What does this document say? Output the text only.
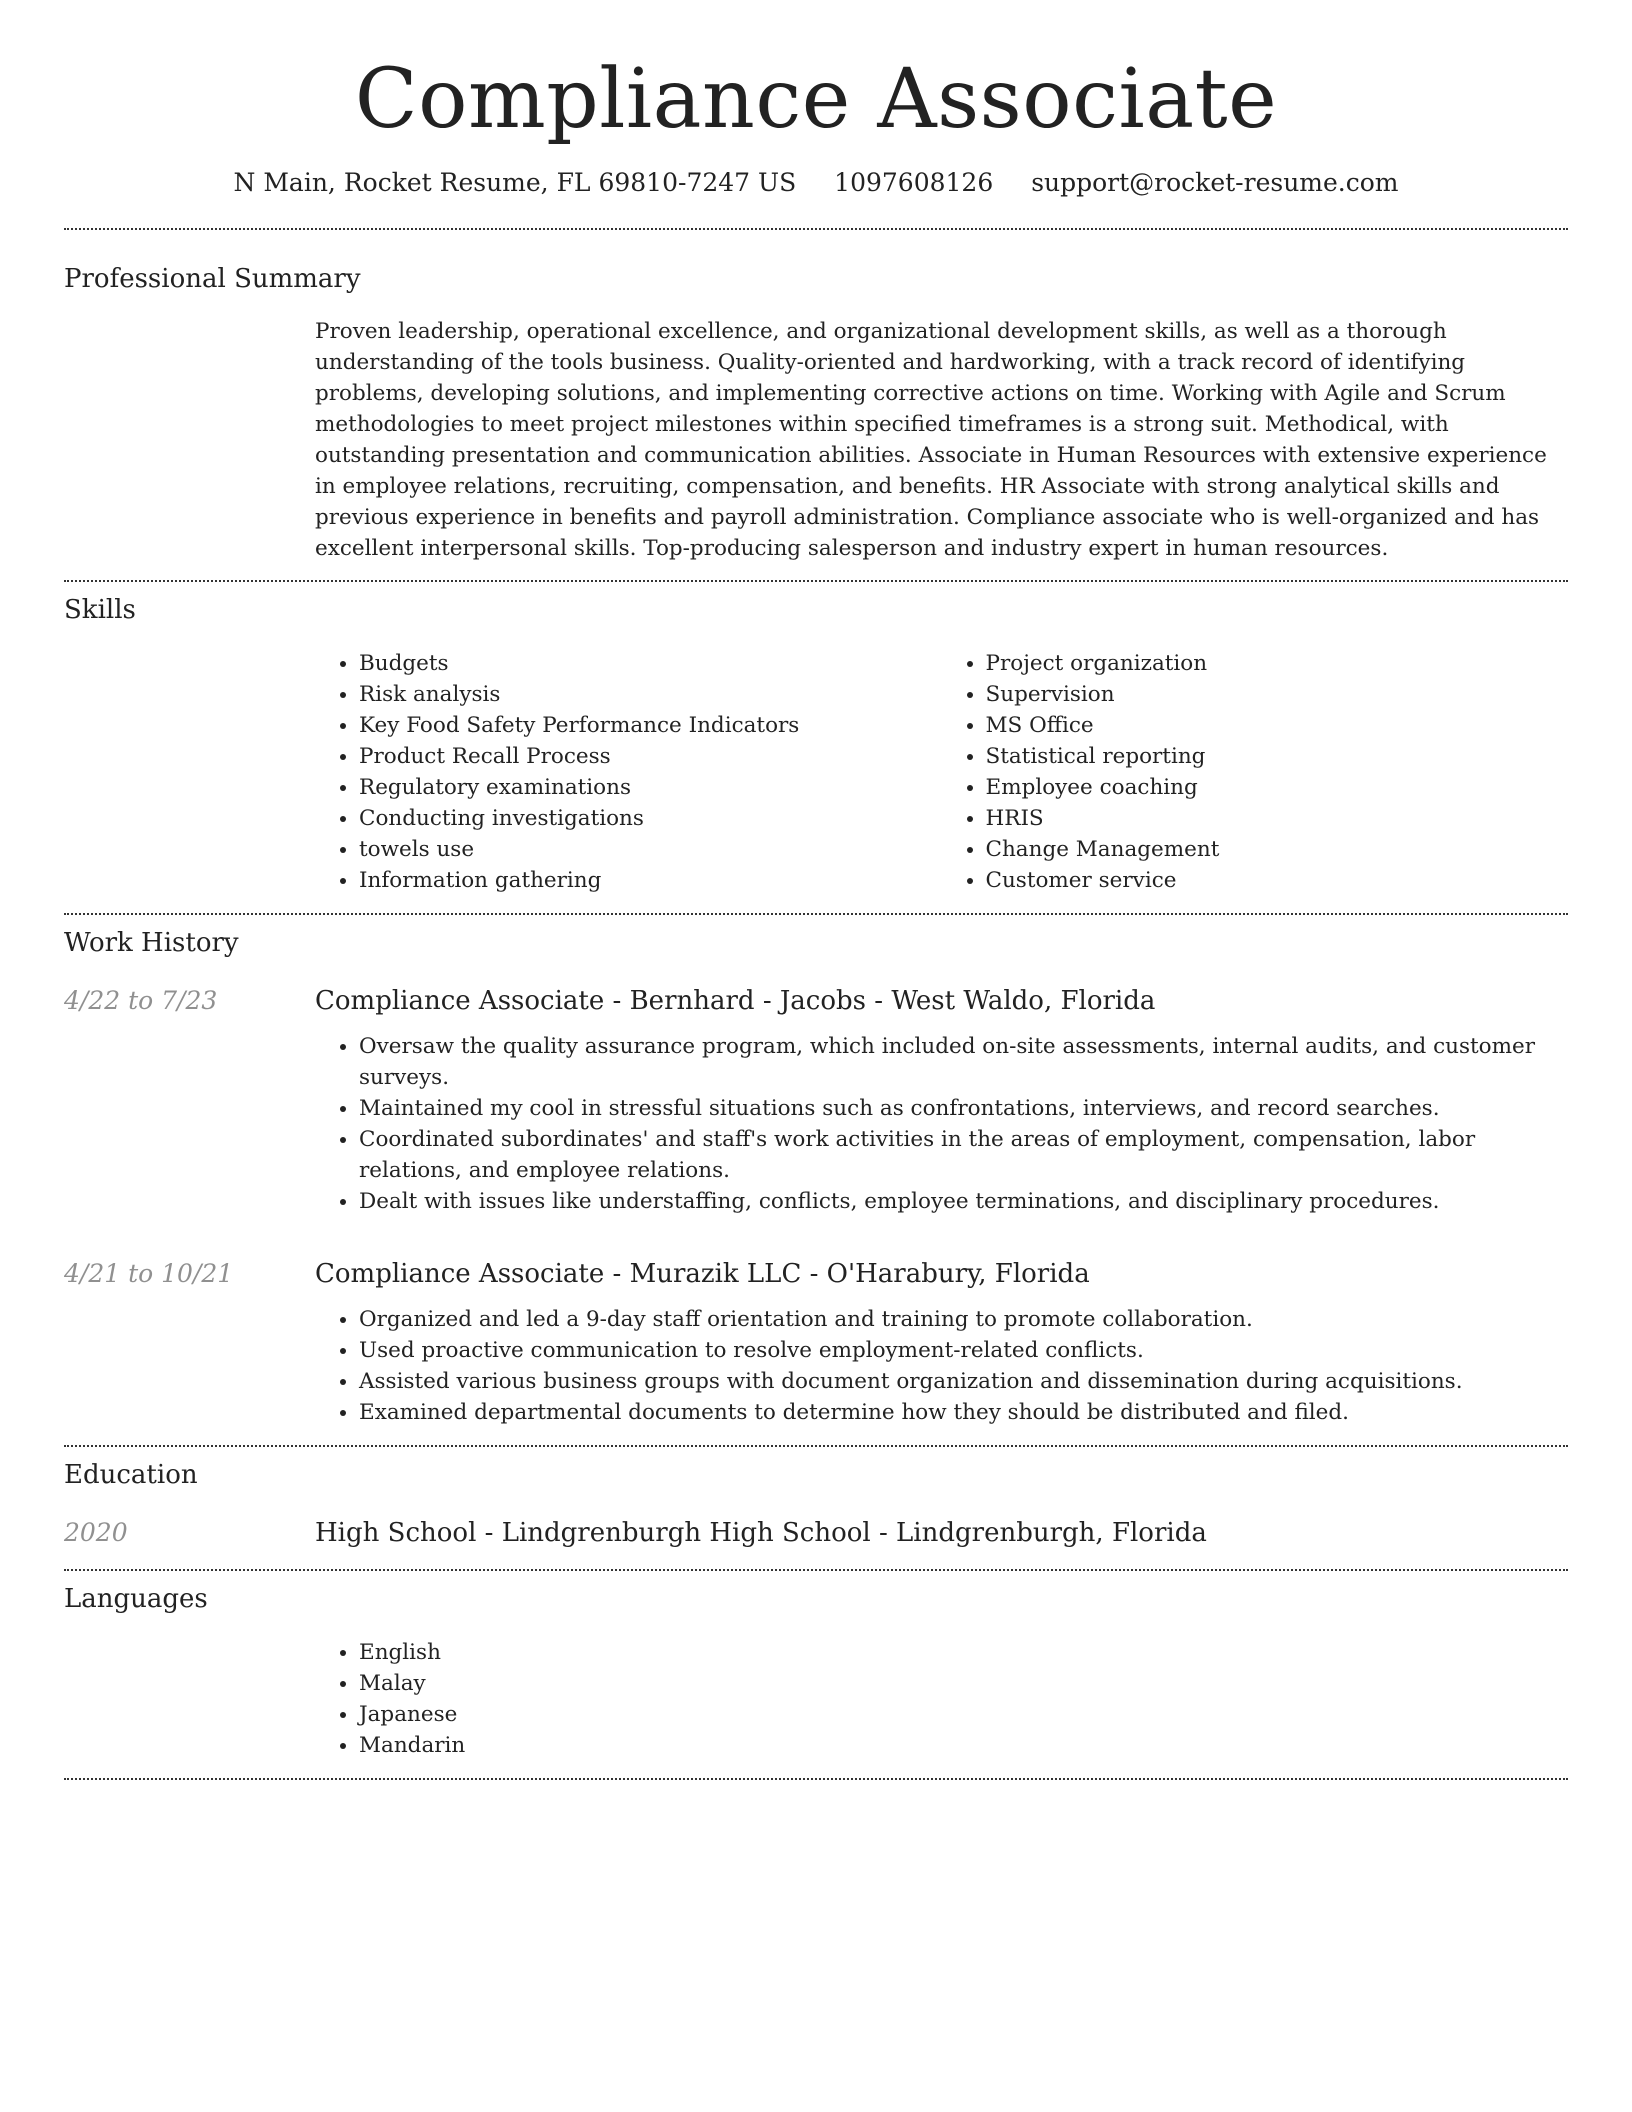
Compliance Associate
N Main, Rocket Resume, FL 69810-7247 US 1097608126 support@rocket-resume.com
Professional Summary

Proven leadership, operational excellence, and organizational development skills, as well as a thorough understanding of the tools business. Quality-oriented and hardworking, with a track record of identifying problems, developing solutions, and implementing corrective actions on time. Working with Agile and Scrum methodologies to meet project milestones within specified timeframes is a strong suit. Methodical, with outstanding presentation and communication abilities. Associate in Human Resources with extensive experience in employee relations, recruiting, compensation, and benefits. HR Associate with strong analytical skills and previous experience in benefits and payroll administration. Compliance associate who is well-organized and has excellent interpersonal skills. Top-producing salesperson and industry expert in human resources.

Skills
• Budgets
• Risk analysis
• Key Food Safety Performance Indicators
• Product Recall Process
• Regulatory examinations
• Conducting investigations
• towels use
• Information gathering
• Project organization
• Supervision
• MS Office
• Statistical reporting
• Employee coaching
• HRIS
• Change Management
• Customer service
Work History
4/22 to 7/23	Compliance Associate - Bernhard - Jacobs - West Waldo, Florida
• Oversaw the quality assurance program, which included on-site assessments, internal audits, and customer surveys.
• Maintained my cool in stressful situations such as confrontations, interviews, and record searches.
• Coordinated subordinates' and staff's work activities in the areas of employment, compensation, labor relations, and employee relations.
• Dealt with issues like understaffing, conflicts, employee terminations, and disciplinary procedures.
4/21 to 10/21	Compliance Associate - Murazik LLC - O'Harabury, Florida
• Organized and led a 9-day staff orientation and training to promote collaboration.
• Used proactive communication to resolve employment-related conflicts.
• Assisted various business groups with document organization and dissemination during acquisitions.
• Examined departmental documents to determine how they should be distributed and filed.
Education
2020	High School - Lindgrenburgh High School - Lindgrenburgh, Florida
Languages
• English
• Malay
• Japanese
• Mandarin
